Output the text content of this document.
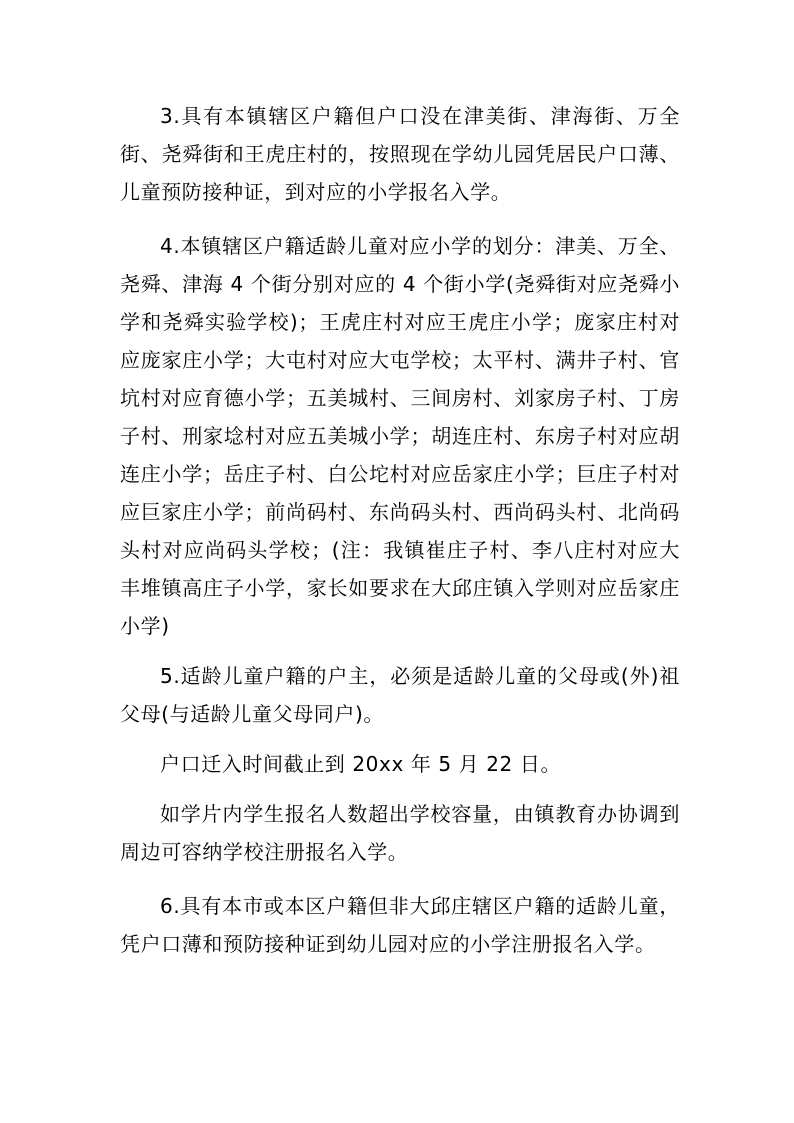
3.具有本镇辖区户籍但户口没在津美街、津海街、万全街、尧舜街和王虎庄村的，按照现在学幼儿园凭居民户口薄、儿童预防接种证，到对应的小学报名入学。

4.本镇辖区户籍适龄儿童对应小学的划分：津美、万全、尧舜、津海 4 个街分别对应的 4 个街小学(尧舜街对应尧舜小学和尧舜实验学校)；王虎庄村对应王虎庄小学；庞家庄村对应庞家庄小学；大屯村对应大屯学校；太平村、满井子村、官坑村对应育德小学；五美城村、三间房村、刘家房子村、丁房子村、刑家埝村对应五美城小学；胡连庄村、东房子村对应胡连庄小学；岳庄子村、白公坨村对应岳家庄小学；巨庄子村对应巨家庄小学；前尚码村、东尚码头村、西尚码头村、北尚码头村对应尚码头学校；(注：我镇崔庄子村、李八庄村对应大丰堆镇高庄子小学，家长如要求在大邱庄镇入学则对应岳家庄小学)

5.适龄儿童户籍的户主，必须是适龄儿童的父母或(外)祖父母(与适龄儿童父母同户)。

户口迁入时间截止到 20xx 年 5 月 22 日。

如学片内学生报名人数超出学校容量，由镇教育办协调到周边可容纳学校注册报名入学。

6.具有本市或本区户籍但非大邱庄辖区户籍的适龄儿童，凭户口薄和预防接种证到幼儿园对应的小学注册报名入学。
